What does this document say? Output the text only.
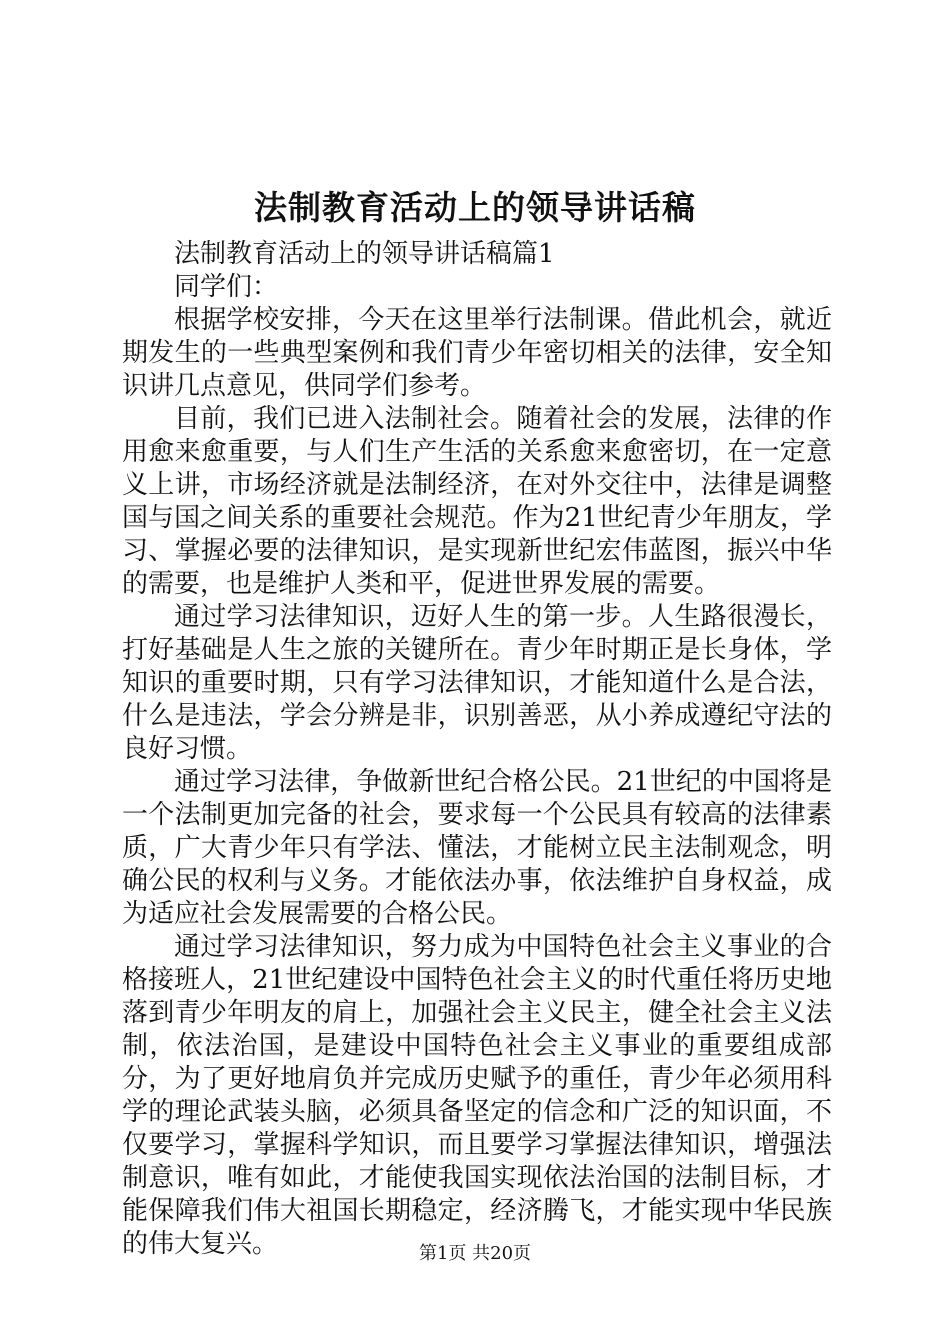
法制教育活动上的领导讲话稿

法制教育活动上的领导讲话稿篇1

同学们：

根据学校安排，今天在这里举行法制课。借此机会，就近期发生的一些典型案例和我们青少年密切相关的法律，安全知识讲几点意见，供同学们参考。

目前，我们已进入法制社会。随着社会的发展，法律的作用愈来愈重要，与人们生产生活的关系愈来愈密切，在一定意义上讲，市场经济就是法制经济，在对外交往中，法律是调整国与国之间关系的重要社会规范。作为21世纪青少年朋友，学习、掌握必要的法律知识，是实现新世纪宏伟蓝图，振兴中华的需要，也是维护人类和平，促进世界发展的需要。

通过学习法律知识，迈好人生的第一步。人生路很漫长，打好基础是人生之旅的关键所在。青少年时期正是长身体，学知识的重要时期，只有学习法律知识，才能知道什么是合法，什么是违法，学会分辨是非，识别善恶，从小养成遵纪守法的良好习惯。

通过学习法律，争做新世纪合格公民。21世纪的中国将是一个法制更加完备的社会，要求每一个公民具有较高的法律素质，广大青少年只有学法、懂法，才能树立民主法制观念，明确公民的权利与义务。才能依法办事，依法维护自身权益，成为适应社会发展需要的合格公民。

通过学习法律知识，努力成为中国特色社会主义事业的合格接班人，21世纪建设中国特色社会主义的时代重任将历史地落到青少年明友的肩上，加强社会主义民主，健全社会主义法制，依法治国，是建设中国特色社会主义事业的重要组成部分，为了更好地肩负并完成历史赋予的重任，青少年必须用科学的理论武装头脑，必须具备坚定的信念和广泛的知识面，不仅要学习，掌握科学知识，而且要学习掌握法律知识，增强法制意识，唯有如此，才能使我国实现依法治国的法制目标，才能保障我们伟大祖国长期稳定，经济腾飞，才能实现中华民族的伟大复兴。	第1页 共20页
